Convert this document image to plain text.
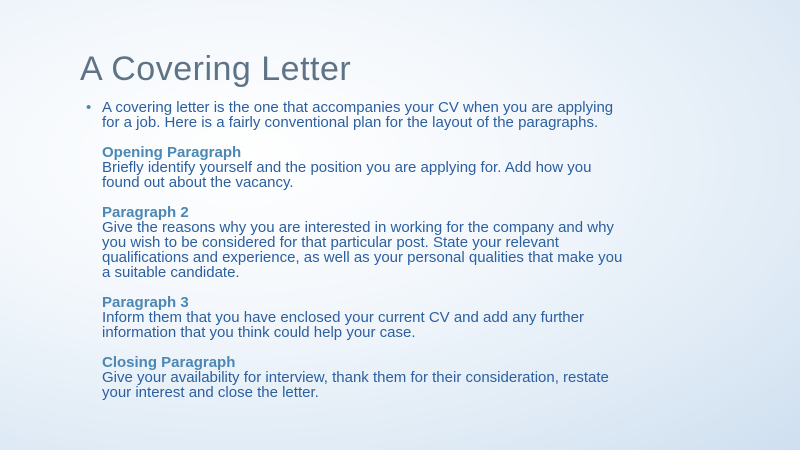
A Covering Letter
• A covering letter is the one that accompanies your CV when you are applying
for a job. Here is a fairly conventional plan for the layout of the paragraphs.
Opening Paragraph
Briefly identify yourself and the position you are applying for. Add how you
found out about the vacancy.
Paragraph 2
Give the reasons why you are interested in working for the company and why
you wish to be considered for that particular post. State your relevant
qualifications and experience, as well as your personal qualities that make you
a suitable candidate.
Paragraph 3
Inform them that you have enclosed your current CV and add any further
information that you think could help your case.
Closing Paragraph
Give your availability for interview, thank them for their consideration, restate
your interest and close the letter.
